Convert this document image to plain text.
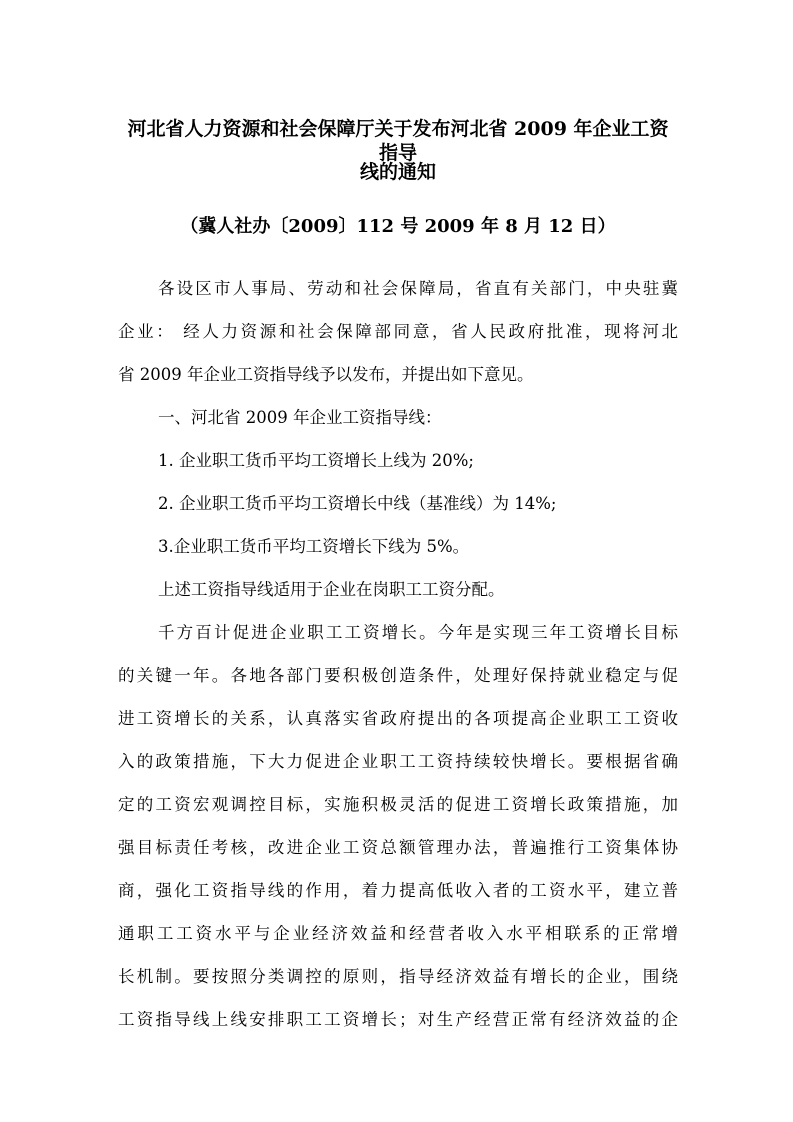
河北省人力资源和社会保障厅关于发布河北省 2009 年企业工资指导

线的通知

（冀人社办〔2009〕112 号 2009 年 8 月 12 日）

各设区市人事局、劳动和社会保障局，省直有关部门，中央驻冀

企业： 经人力资源和社会保障部同意，省人民政府批准，现将河北

省 2009 年企业工资指导线予以发布，并提出如下意见。

一、河北省 2009 年企业工资指导线：

1. 企业职工货币平均工资增长上线为 20%;

2. 企业职工货币平均工资增长中线（基准线）为 14%;

3.企业职工货币平均工资增长下线为 5%。

上述工资指导线适用于企业在岗职工工资分配。

千方百计促进企业职工工资增长。今年是实现三年工资增长目标

的关键一年。各地各部门要积极创造条件，处理好保持就业稳定与促

进工资增长的关系，认真落实省政府提出的各项提高企业职工工资收

入的政策措施，下大力促进企业职工工资持续较快增长。要根据省确

定的工资宏观调控目标，实施积极灵活的促进工资增长政策措施，加

强目标责任考核，改进企业工资总额管理办法，普遍推行工资集体协

商，强化工资指导线的作用，着力提高低收入者的工资水平，建立普

通职工工资水平与企业经济效益和经营者收入水平相联系的正常增

长机制。要按照分类调控的原则，指导经济效益有增长的企业，围绕

工资指导线上线安排职工工资增长；对生产经营正常有经济效益的企
